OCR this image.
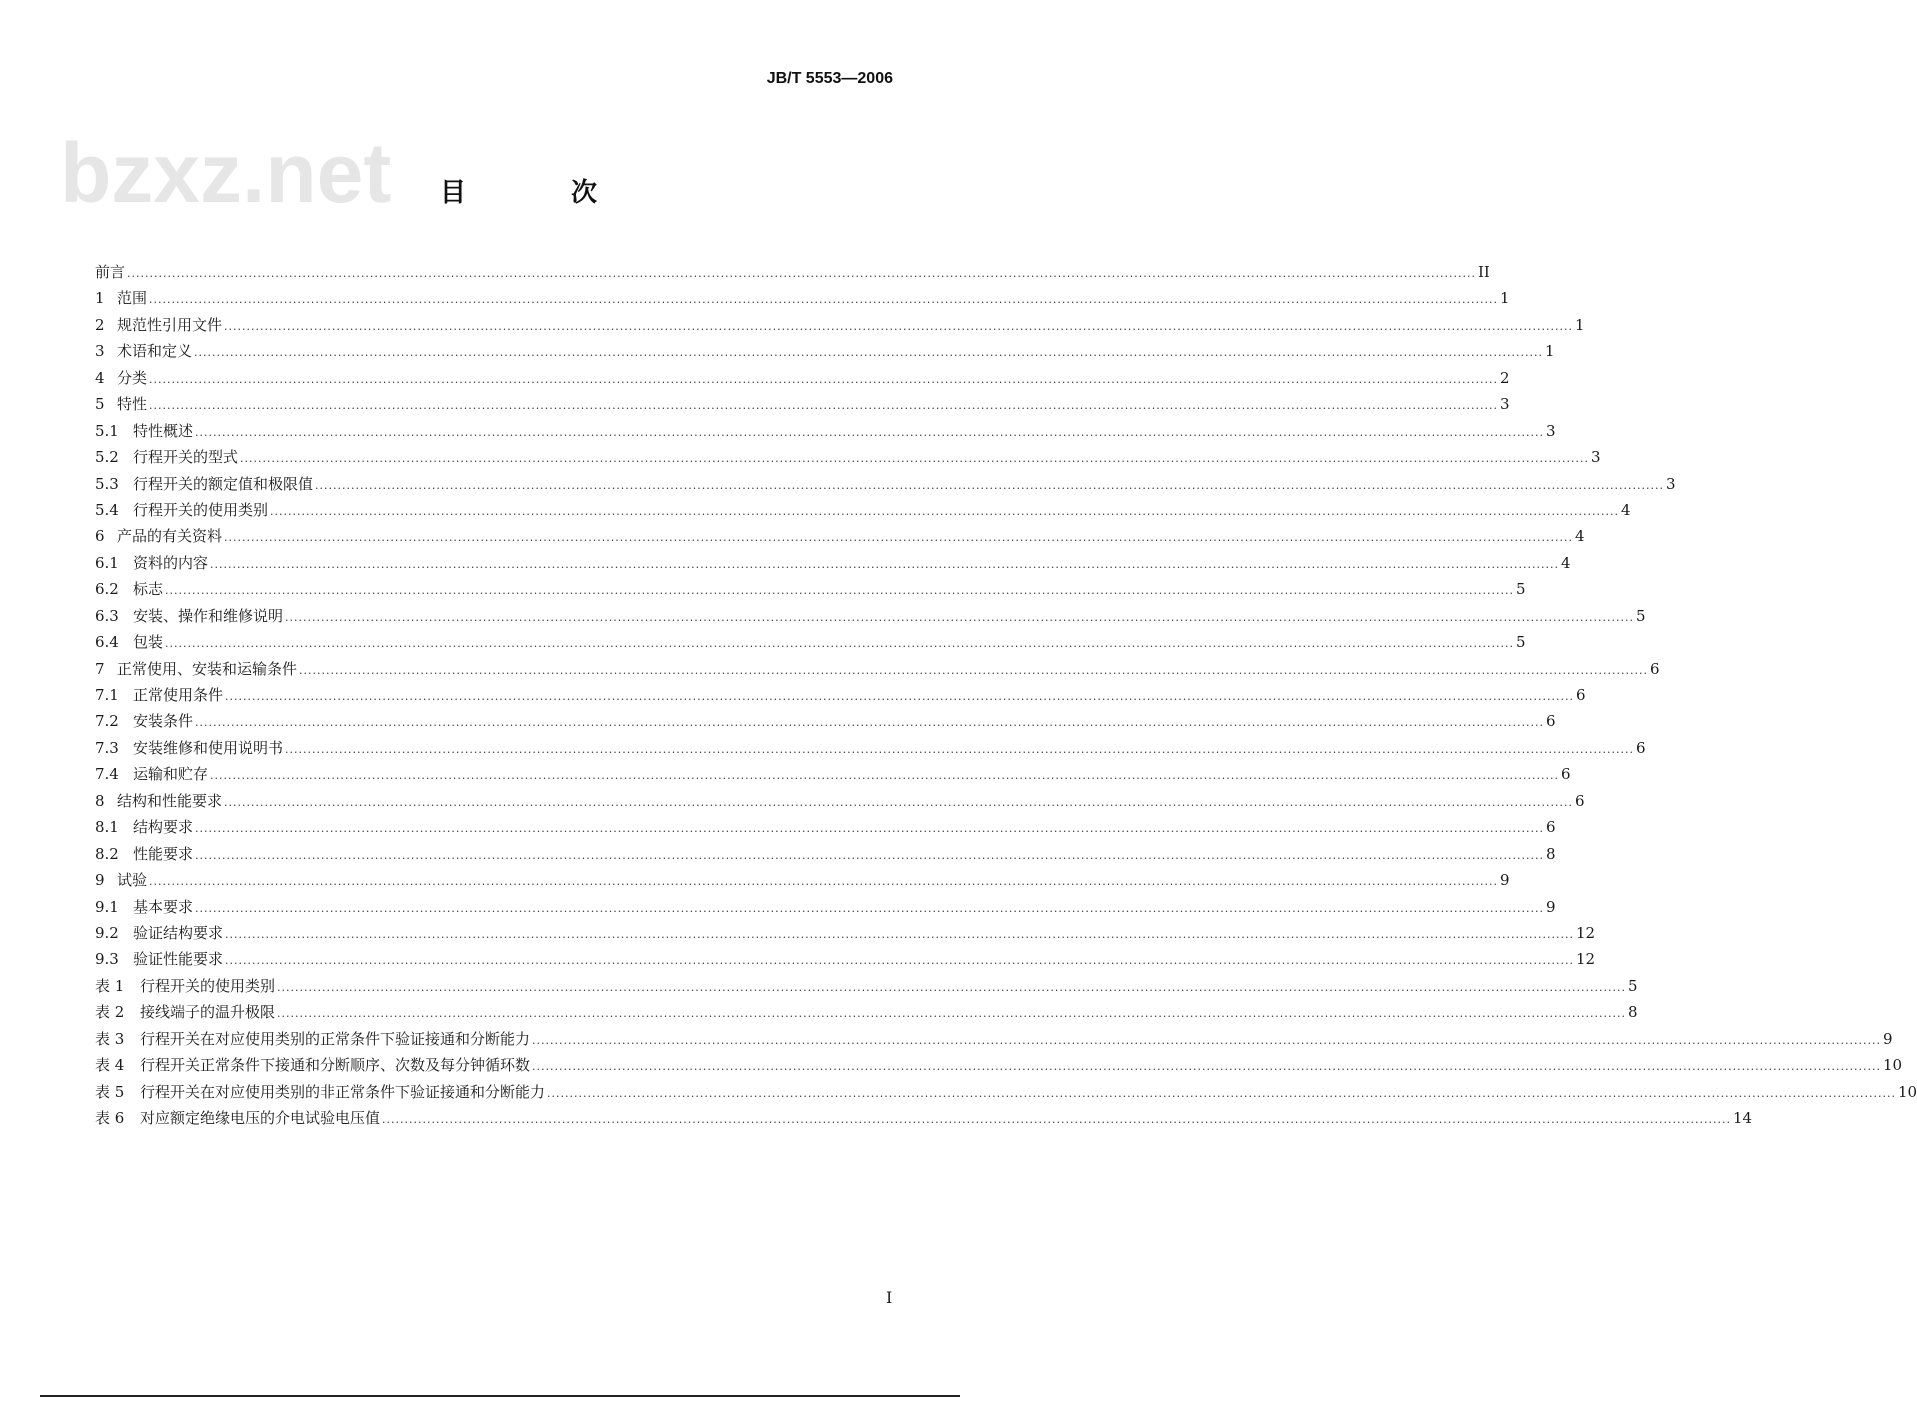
JB/T 5553—2006
bzxz.net 目 次
前言 ............................................................................................................................................................................................................................................................................................................ II
1 范围 ............................................................................................................................................................................................................................................................................................................ 1
2 规范性引用文件 ............................................................................................................................................................................................................................................................................................................ 1
3 术语和定义 ............................................................................................................................................................................................................................................................................................................ 1
4 分类 ............................................................................................................................................................................................................................................................................................................ 2
5 特性 ............................................................................................................................................................................................................................................................................................................ 3
5.1 特性概述 ............................................................................................................................................................................................................................................................................................................ 3
5.2 行程开关的型式 ............................................................................................................................................................................................................................................................................................................ 3
5.3 行程开关的额定值和极限值 ............................................................................................................................................................................................................................................................................................................ 3
5.4 行程开关的使用类别 ............................................................................................................................................................................................................................................................................................................ 4
6 产品的有关资料 ............................................................................................................................................................................................................................................................................................................ 4
6.1 资料的内容 ............................................................................................................................................................................................................................................................................................................ 4
6.2 标志 ............................................................................................................................................................................................................................................................................................................ 5
6.3 安装、操作和维修说明 ............................................................................................................................................................................................................................................................................................................ 5
6.4 包装 ............................................................................................................................................................................................................................................................................................................ 5
7 正常使用、安装和运输条件 ............................................................................................................................................................................................................................................................................................................ 6
7.1 正常使用条件 ............................................................................................................................................................................................................................................................................................................ 6
7.2 安装条件 ............................................................................................................................................................................................................................................................................................................ 6
7.3 安装维修和使用说明书 ............................................................................................................................................................................................................................................................................................................ 6
7.4 运输和贮存 ............................................................................................................................................................................................................................................................................................................ 6
8 结构和性能要求 ............................................................................................................................................................................................................................................................................................................ 6
8.1 结构要求 ............................................................................................................................................................................................................................................................................................................ 6
8.2 性能要求 ............................................................................................................................................................................................................................................................................................................ 8
9 试验 ............................................................................................................................................................................................................................................................................................................ 9
9.1 基本要求 ............................................................................................................................................................................................................................................................................................................ 9
9.2 验证结构要求 ............................................................................................................................................................................................................................................................................................................ 12
9.3 验证性能要求 ............................................................................................................................................................................................................................................................................................................ 12
表 1	行程开关的使用类别 ............................................................................................................................................................................................................................................................................................................ 5
表 2	接线端子的温升极限 ............................................................................................................................................................................................................................................................................................................ 8
表 3	行程开关在对应使用类别的正常条件下验证接通和分断能力 ............................................................................................................................................................................................................................................................................................................ 9
表 4	行程开关正常条件下接通和分断顺序、次数及每分钟循环数 ............................................................................................................................................................................................................................................................................................................ 10
表 5	行程开关在对应使用类别的非正常条件下验证接通和分断能力 ............................................................................................................................................................................................................................................................................................................ 10
表 6	对应额定绝缘电压的介电试验电压值 ............................................................................................................................................................................................................................................................................................................ 14
I
